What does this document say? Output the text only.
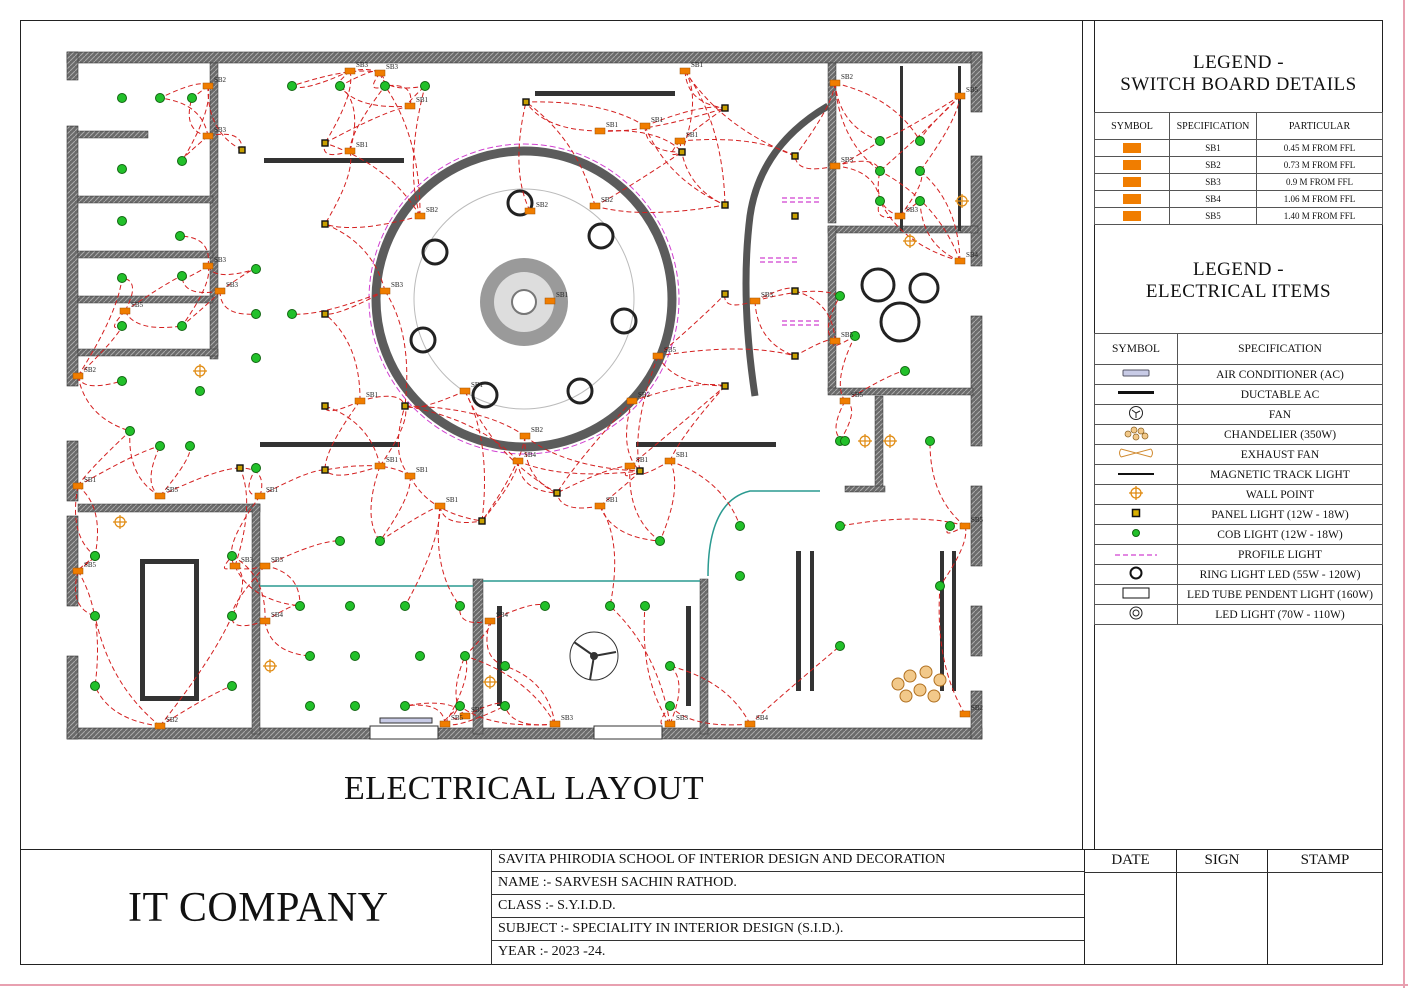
SB3
SB3
SB1
SB1
SB1
SB1
SB1
SB1
SB3
SB3
SB3
SB1
SB5
SB2
SB2
SB2
SB1
SB2
SB1
SB2
SB4
SB1
SB1
SB1	SB1
SB1
SB1
SB3
SB3
SB2
SB5
SB3
SB4
SB5
SB5
SB3
SB3
SB2
SB1
SB5
SB5
SB2
SB4	SB4
SB5
SB5	SB3	SB3	SB4
SB5
SB2
SB1
SB5
SB2
SB3
ELECTRICAL LAYOUT
LEGEND -
SWITCH BOARD DETAILS
SYMBOL	SPECIFICATION	PARTICULAR
	SB1	0.45 M FROM FFL
	SB2	0.73 M FROM FFL
	SB3	0.9 M FROM FFL
	SB4	1.06 M FROM FFL
	SB5	1.40 M FROM FFL
LEGEND -
ELECTRICAL ITEMS
SYMBOL	SPECIFICATION
	AIR CONDITIONER (AC)
	DUCTABLE AC
	FAN
	CHANDELIER (350W)
	EXHAUST FAN
	MAGNETIC TRACK LIGHT
	WALL POINT
	PANEL LIGHT (12W - 18W)
	COB LIGHT (12W - 18W)
	PROFILE LIGHT
	RING LIGHT LED (55W - 120W)
	LED TUBE PENDENT LIGHT (160W)
	LED LIGHT (70W - 110W)
IT COMPANY
SAVITA PHIRODIA SCHOOL OF INTERIOR DESIGN AND DECORATION
NAME :- SARVESH SACHIN RATHOD.
CLASS :- S.Y.I.D.D.
SUBJECT :- SPECIALITY IN INTERIOR DESIGN (S.I.D.).
YEAR :- 2023 -24.
DATE	SIGN	STAMP
